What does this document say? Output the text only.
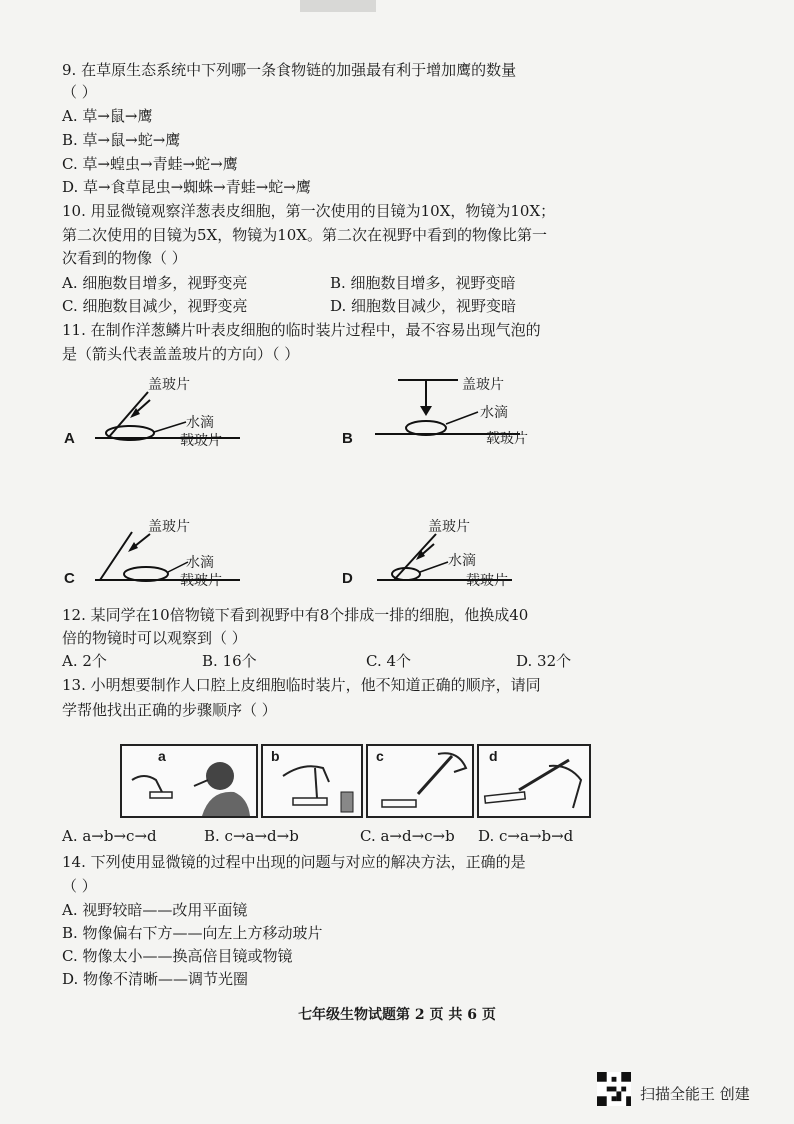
9. 在草原生态系统中下列哪一条食物链的加强最有利于增加鹰的数量
（ ）
A. 草→鼠→鹰
B. 草→鼠→蛇→鹰
C. 草→蝗虫→青蛙→蛇→鹰
D. 草→食草昆虫→蜘蛛→青蛙→蛇→鹰
10. 用显微镜观察洋葱表皮细胞，第一次使用的目镜为10X，物镜为10X；
第二次使用的目镜为5X，物镜为10X。第二次在视野中看到的物像比第一
次看到的物像（ ）
A. 细胞数目增多，视野变亮	B. 细胞数目增多，视野变暗
C. 细胞数目减少，视野变亮	D. 细胞数目减少，视野变暗
11. 在制作洋葱鳞片叶表皮细胞的临时装片过程中，最不容易出现气泡的
是（箭头代表盖盖玻片的方向）（ ）
A
盖玻片
水滴
载玻片	B
盖玻片
水滴
载玻片
C
盖玻片
水滴
载玻片	D
盖玻片
水滴
载玻片
12. 某同学在10倍物镜下看到视野中有8个排成一排的细胞，他换成40
倍的物镜时可以观察到（ ）
A. 2个	B. 16个	C. 4个	D. 32个
13. 小明想要制作人口腔上皮细胞临时装片，他不知道正确的顺序，请同
学帮他找出正确的步骤顺序（ ）
a	b	c	d
A. a→b→c→d	B. c→a→d→b	C. a→d→c→b D. c→a→b→d
14. 下列使用显微镜的过程中出现的问题与对应的解决方法，正确的是
（ ）
A. 视野较暗——改用平面镜
B. 物像偏右下方——向左上方移动玻片
C. 物像太小——换高倍目镜或物镜
D. 物像不清晰——调节光圈
七年级生物试题第 2 页 共 6 页
扫描全能王 创建
